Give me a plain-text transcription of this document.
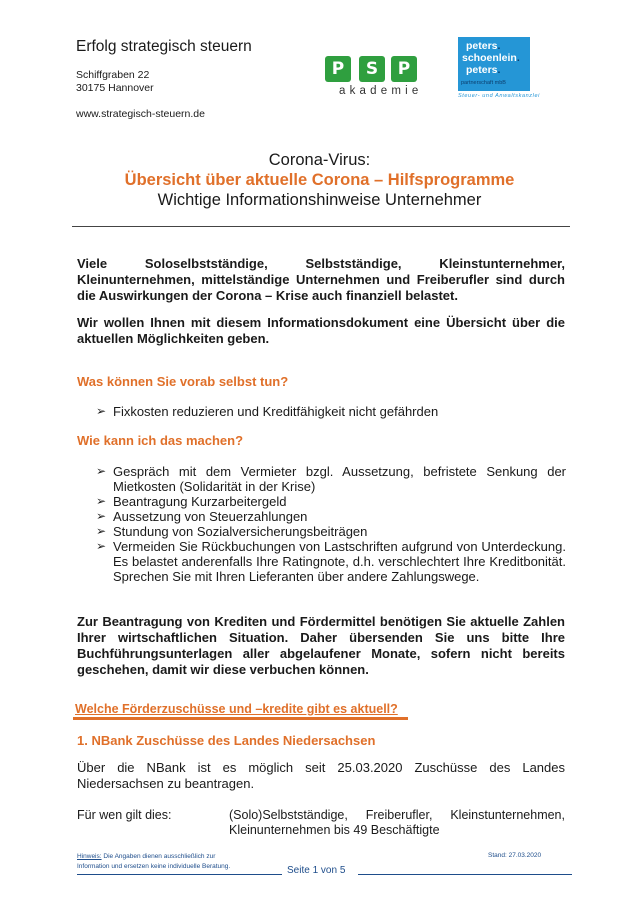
Erfolg strategisch steuern
Schiffgraben 22
30175 Hannover
www.strategisch-steuern.de
P	S	P
akademie
peters.
schoenlein.
peters.
partnerschaft mbB
Steuer- und Anwaltskanzlei
Corona-Virus:
Übersicht über aktuelle Corona – Hilfsprogramme
Wichtige Informationshinweise Unternehmer
Viele Soloselbstständige, Selbstständige, Kleinstunternehmer, Kleinunternehmen, mittelständige Unternehmen und Freiberufler sind durch die Auswirkungen der Corona – Krise auch finanziell belastet.
Wir wollen Ihnen mit diesem Informationsdokument eine Übersicht über die aktuellen Möglichkeiten geben.
Was können Sie vorab selbst tun?
➢ Fixkosten reduzieren und Kreditfähigkeit nicht gefährden
Wie kann ich das machen?
➢ Gespräch mit dem Vermieter bzgl. Aussetzung, befristete Senkung der Mietkosten (Solidarität in der Krise)
➢ Beantragung Kurzarbeitergeld
➢ Aussetzung von Steuerzahlungen
➢ Stundung von Sozialversicherungsbeiträgen
➢ Vermeiden Sie Rückbuchungen von Lastschriften aufgrund von Unterdeckung. Es belastet anderenfalls Ihre Ratingnote, d.h. verschlechtert Ihre Kreditbonität. Sprechen Sie mit Ihren Lieferanten über andere Zahlungswege.
Zur Beantragung von Krediten und Fördermittel benötigen Sie aktuelle Zahlen Ihrer wirtschaftlichen Situation. Daher übersenden Sie uns bitte Ihre Buchführungsunterlagen aller abgelaufener Monate, sofern nicht bereits geschehen, damit wir diese verbuchen können.
Welche Förderzuschüsse und –kredite gibt es aktuell?
1. NBank Zuschüsse des Landes Niedersachsen
Über die NBank ist es möglich seit 25.03.2020 Zuschüsse des Landes Niedersachsen zu beantragen.
Für wen gilt dies:	(Solo)Selbstständige, Freiberufler, Kleinstunternehmen, Kleinunternehmen bis 49 Beschäftigte
Hinweis: Die Angaben dienen ausschließlich zur
Information und ersetzen keine individuelle Beratung.
Stand: 27.03.2020
Seite 1 von 5
